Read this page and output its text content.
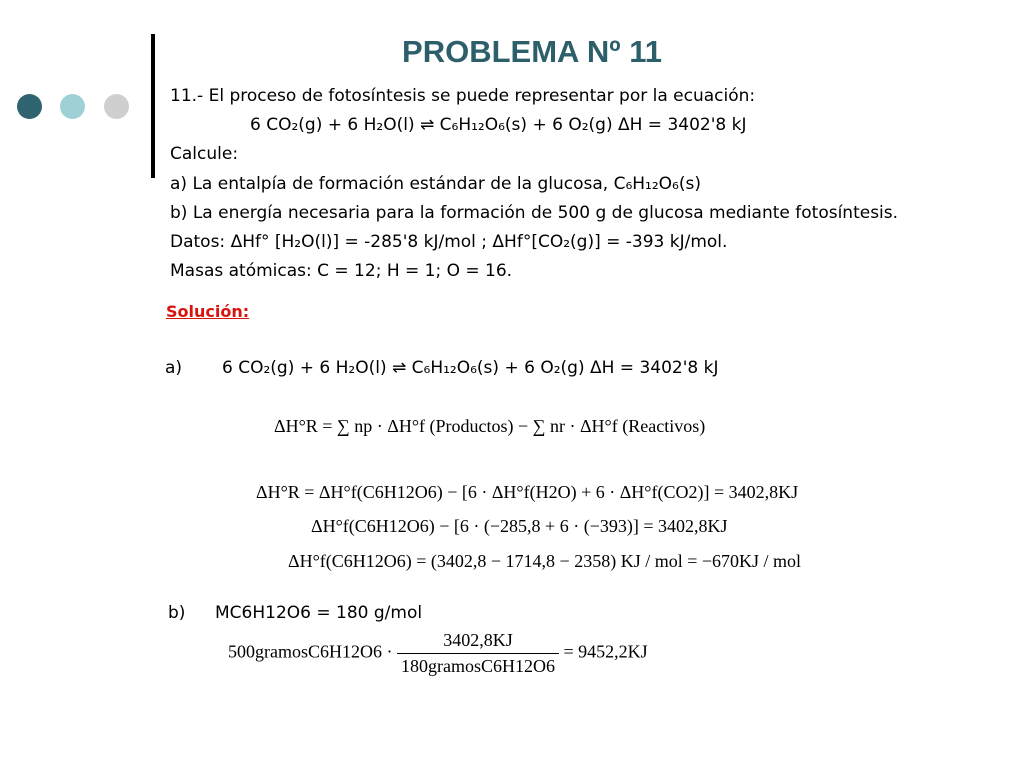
PROBLEMA Nº 11
11.- El proceso de fotosíntesis se puede representar por la ecuación:
6 CO₂(g) + 6 H₂O(l) ⇌ C₆H₁₂O₆(s) + 6 O₂(g) ΔH = 3402'8 kJ
Calcule:
a) La entalpía de formación estándar de la glucosa, C₆H₁₂O₆(s)
b) La energía necesaria para la formación de 500 g de glucosa mediante fotosíntesis.
Datos: ΔHf° [H₂O(l)] = -285'8 kJ/mol ; ΔHf°[CO₂(g)] = -393 kJ/mol.
Masas atómicas: C = 12; H = 1; O = 16.
Solución:
a) 6 CO₂(g) + 6 H₂O(l) ⇌ C₆H₁₂O₆(s) + 6 O₂(g) ΔH = 3402'8 kJ
ΔH°R = ∑ np · ΔH°f (Productos) − ∑ nr · ΔH°f (Reactivos)
ΔH°R = ΔH°f(C6H12O6) − [6 · ΔH°f(H2O) + 6 · ΔH°f(CO2)] = 3402,8KJ
ΔH°f(C6H12O6) − [6 · (−285,8 + 6 · (−393)] = 3402,8KJ
ΔH°f(C6H12O6) = (3402,8 − 1714,8 − 2358) KJ / mol = −670KJ / mol
b) MC6H12O6 = 180 g/mol
500gramosC6H12O6 · $\frac{3402,8KJ}{\text{180gramosC6H12O6}} = 9452,2KJ$
